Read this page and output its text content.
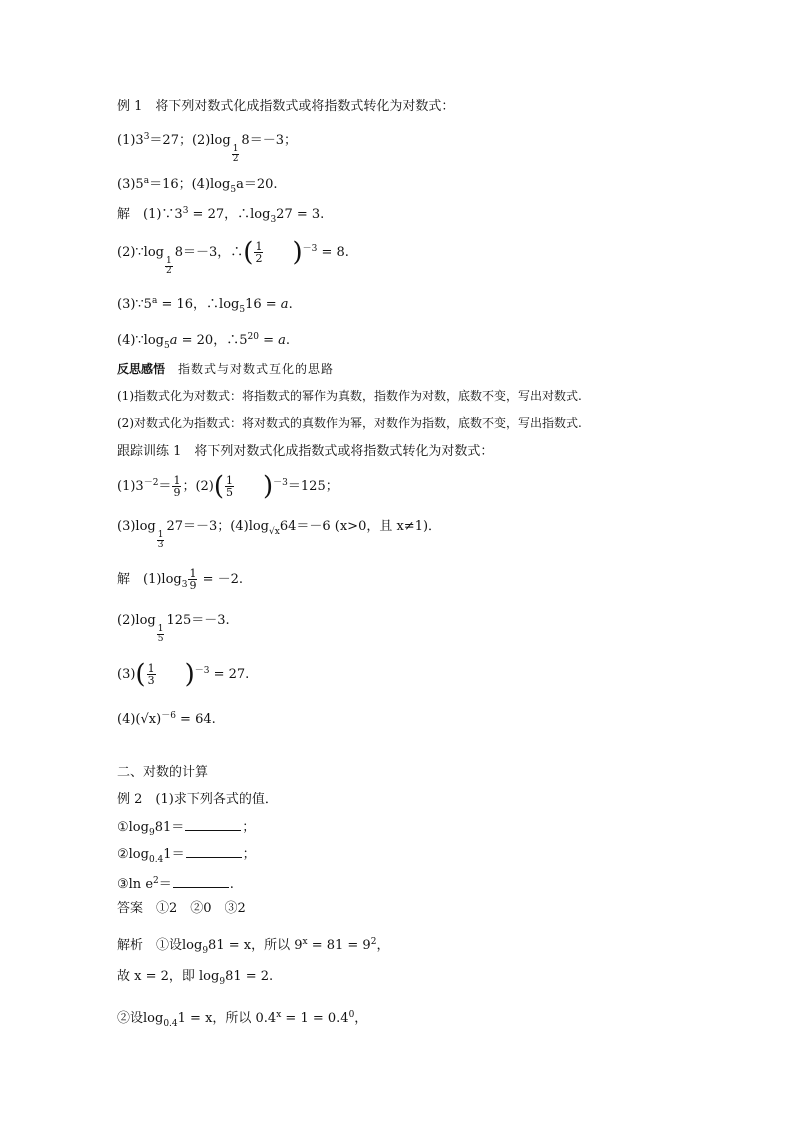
例 1　将下列对数式化成指数式或将指数式转化为对数式：
$(1)3^3=27$；(2)log
$\frac{1}{2}$
8＝－3；
$(3)5^a=16$；$(4)\log_5a=20$.
解　$(1)\because 3^3 = 27$，$\therefore\log_327 = 3$.
(2)∵log
$\frac{1}{2}$
8＝－3，∴( $\frac{1}{2} )^{-3} = 8$.
$(3)\because 5^a = 16$，$\therefore\log_516 = a$.
$(4)\because\log_5a = 20$，$\therefore 5^{20} = a$.
反思感悟　指数式与对数式互化的思路
(1)指数式化为对数式：将指数式的幂作为真数，指数作为对数，底数不变，写出对数式.
(2)对数式化为指数式：将对数式的真数作为幂，对数作为指数，底数不变，写出指数式.
跟踪训练 1　将下列对数式化成指数式或将指数式转化为对数式：
$(1)3^{-2}= \frac{1}{9}$ ；$(2)( \frac{1}{5} )^{-3}=125$；
(3)log
$\frac{1}{3}$
27＝－3；$(4)\log_{√x}64=-6$ (x>0，且 x≠1)．
解　$(1)\log_3 \frac{1}{9} = -2$.
(2)log
$\frac{1}{5}$
125＝－3.
$(3)( \frac{1}{3} )^{-3} = 27$.
$(4)(√x)^{-6} = 64$.
二、对数的计算
例 2　(1)求下列各式的值．
$①\log_981=$	；
$②\log_{0.4}1=$	；
③ln $e^2=$	.
答案　①2　②0　③2
解析　①设$\log_981 = x$，所以 $9^x = 81 = 9^2$，
故 x = 2，即 $\log_981 = 2$.
②设$\log_{0.4}1 = x$，所以 $0.4^x = 1 = 0.4^0$，
